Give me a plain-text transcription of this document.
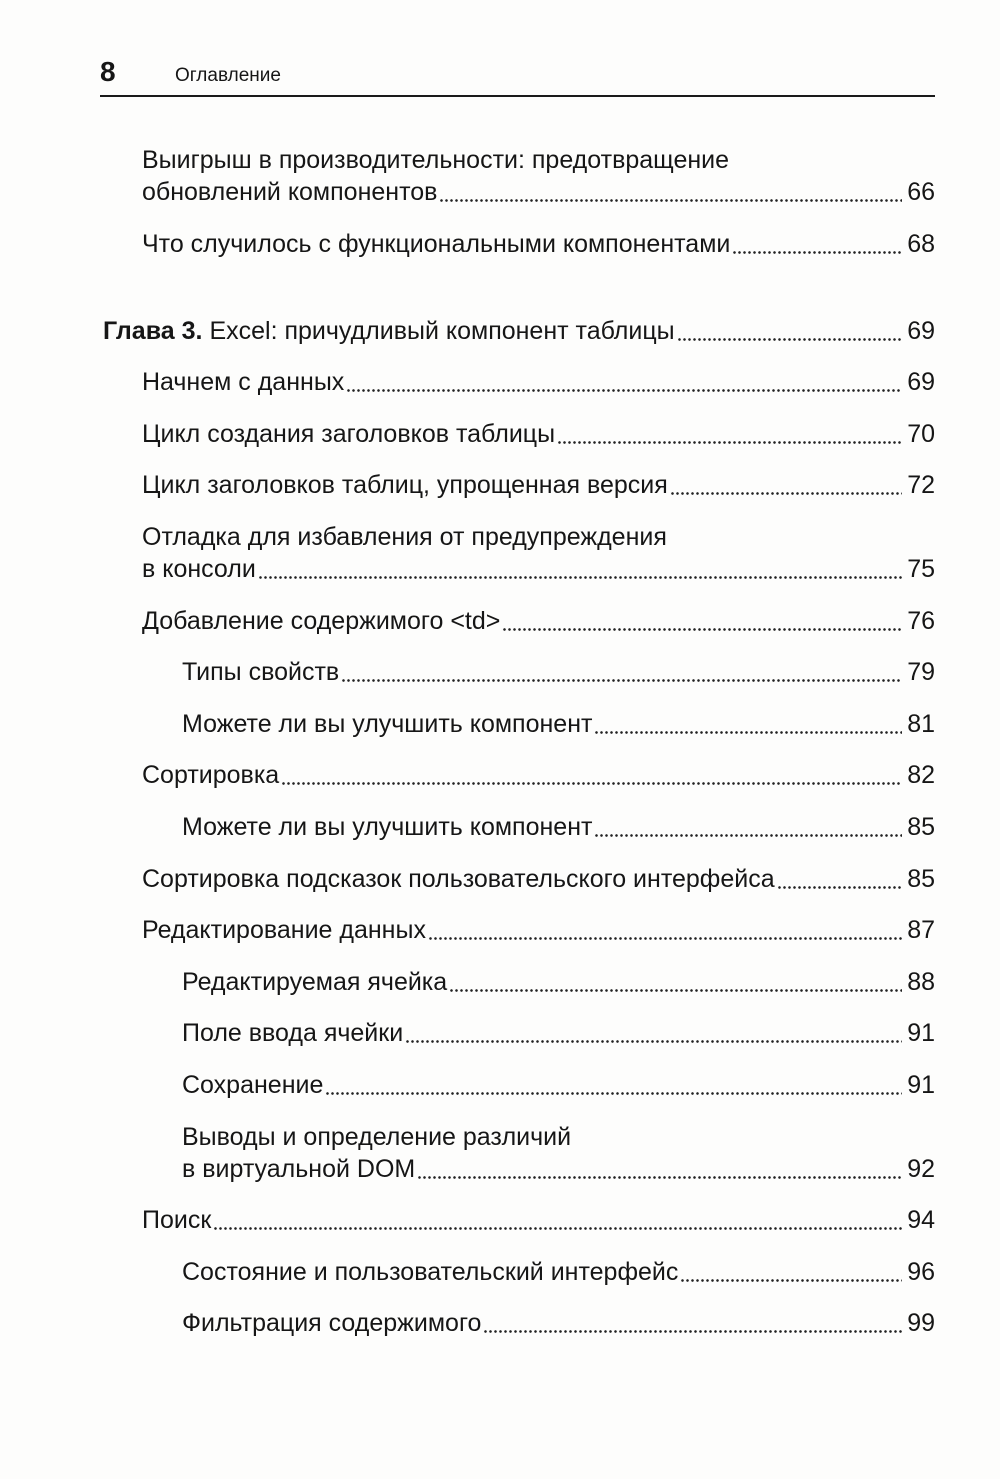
8	Оглавление
Выигрыш в производительности: предотвращение
обновлений компонентов	66
Что случилось с функциональными компонентами	68
Глава 3. Excel: причудливый компонент таблицы	69
Начнем с данных	69
Цикл создания заголовков таблицы	70
Цикл заголовков таблиц, упрощенная версия	72
Отладка для избавления от предупреждения
в консоли	75
Добавление содержимого <td>	76
Типы свойств	79
Можете ли вы улучшить компонент	81
Сортировка	82
Можете ли вы улучшить компонент	85
Сортировка подсказок пользовательского интерфейса	85
Редактирование данных	87
Редактируемая ячейка	88
Поле ввода ячейки	91
Сохранение	91
Выводы и определение различий
в виртуальной DOM	92
Поиск	94
Состояние и пользовательский интерфейс	96
Фильтрация содержимого	99
